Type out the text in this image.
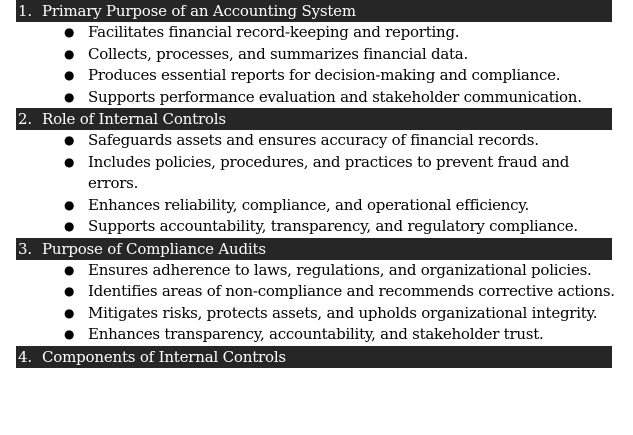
1. Primary Purpose of an Accounting System
● Facilitates financial record-keeping and reporting.
● Collects, processes, and summarizes financial data.
● Produces essential reports for decision-making and compliance.
● Supports performance evaluation and stakeholder communication.
2. Role of Internal Controls
● Safeguards assets and ensures accuracy of financial records.
● Includes policies, procedures, and practices to prevent fraud and errors.
● Enhances reliability, compliance, and operational efficiency.
● Supports accountability, transparency, and regulatory compliance.
3. Purpose of Compliance Audits
● Ensures adherence to laws, regulations, and organizational policies.
● Identifies areas of non-compliance and recommends corrective actions.
● Mitigates risks, protects assets, and upholds organizational integrity.
● Enhances transparency, accountability, and stakeholder trust.
4. Components of Internal Controls
